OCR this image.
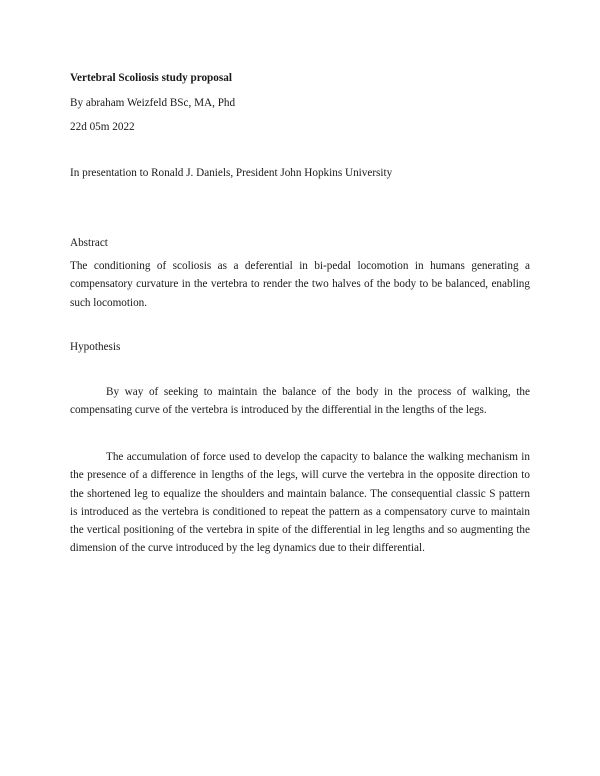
Vertebral Scoliosis study proposal
By abraham Weizfeld BSc, MA, Phd
22d 05m 2022
In presentation to Ronald J. Daniels, President John Hopkins University
Abstract

The conditioning of scoliosis as a deferential in bi-pedal locomotion in humans generating a compensatory curvature in the vertebra to render the two halves of the body to be balanced, enabling such locomotion.

Hypothesis

By way of seeking to maintain the balance of the body in the process of walking, the compensating curve of the vertebra is introduced by the differential in the lengths of the legs.

The accumulation of force used to develop the capacity to balance the walking mechanism in the presence of a difference in lengths of the legs, will curve the vertebra in the opposite direction to the shortened leg to equalize the shoulders and maintain balance. The consequential classic S pattern is introduced as the vertebra is conditioned to repeat the pattern as a compensatory curve to maintain the vertical positioning of the vertebra in spite of the differential in leg lengths and so augmenting the dimension of the curve introduced by the leg dynamics due to their differential.
